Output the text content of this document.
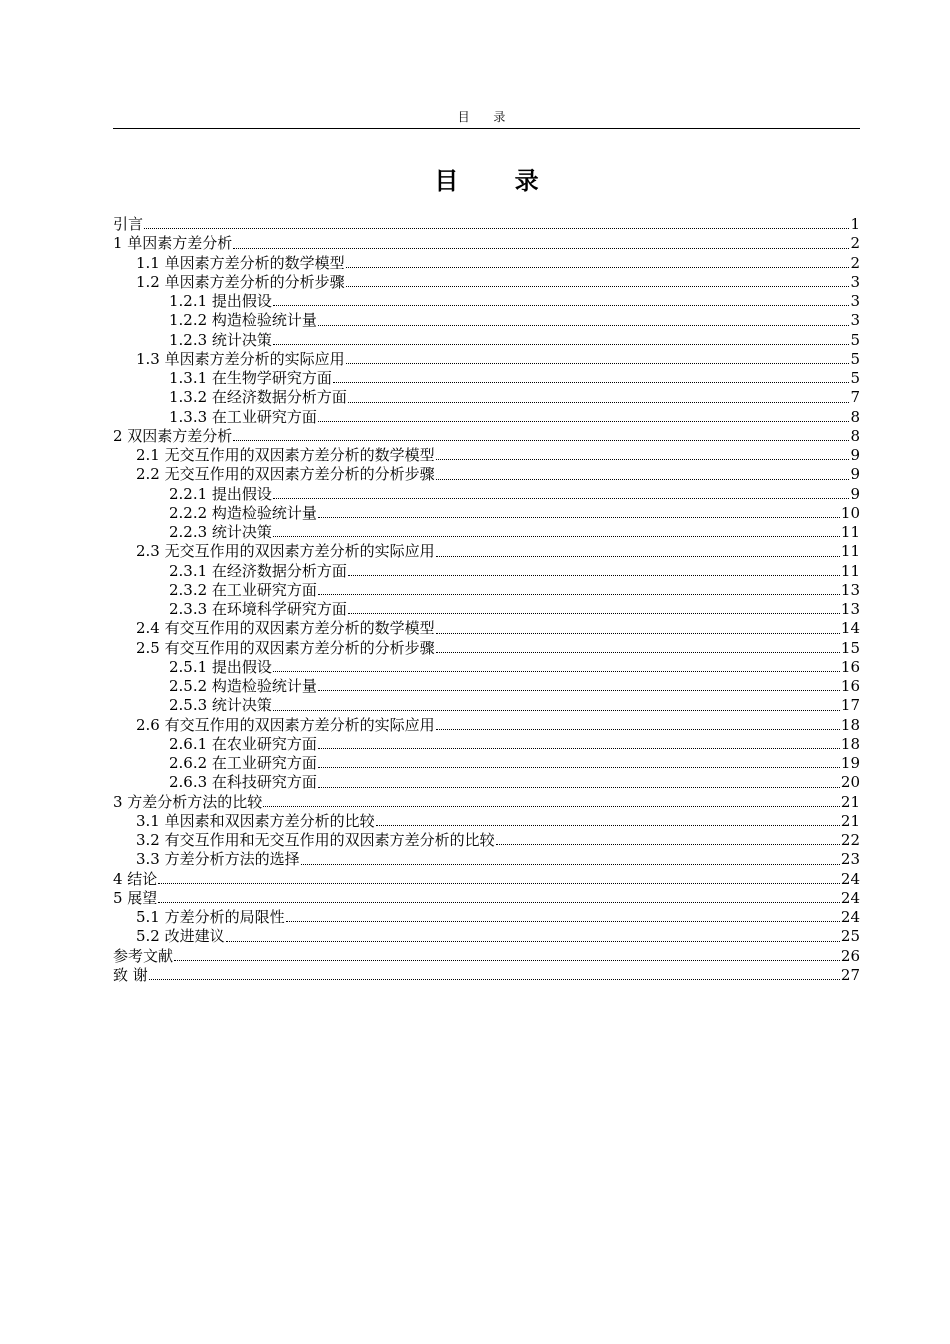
目 录
目 录
引言	1
1 单因素方差分析	2
1.1 单因素方差分析的数学模型	2
1.2 单因素方差分析的分析步骤	3
1.2.1 提出假设	3
1.2.2 构造检验统计量	3
1.2.3 统计决策	5
1.3 单因素方差分析的实际应用	5
1.3.1 在生物学研究方面	5
1.3.2 在经济数据分析方面	7
1.3.3 在工业研究方面	8
2 双因素方差分析	8
2.1 无交互作用的双因素方差分析的数学模型	9
2.2 无交互作用的双因素方差分析的分析步骤	9
2.2.1 提出假设	9
2.2.2 构造检验统计量	10
2.2.3 统计决策	11
2.3 无交互作用的双因素方差分析的实际应用	11
2.3.1 在经济数据分析方面	11
2.3.2 在工业研究方面	13
2.3.3 在环境科学研究方面	13
2.4 有交互作用的双因素方差分析的数学模型	14
2.5 有交互作用的双因素方差分析的分析步骤	15
2.5.1 提出假设	16
2.5.2 构造检验统计量	16
2.5.3 统计决策	17
2.6 有交互作用的双因素方差分析的实际应用	18
2.6.1 在农业研究方面	18
2.6.2 在工业研究方面	19
2.6.3 在科技研究方面	20
3 方差分析方法的比较	21
3.1 单因素和双因素方差分析的比较	21
3.2 有交互作用和无交互作用的双因素方差分析的比较	22
3.3 方差分析方法的选择	23
4 结论	24
5 展望	24
5.1 方差分析的局限性	24
5.2 改进建议	25
参考文献	26
致 谢	27
